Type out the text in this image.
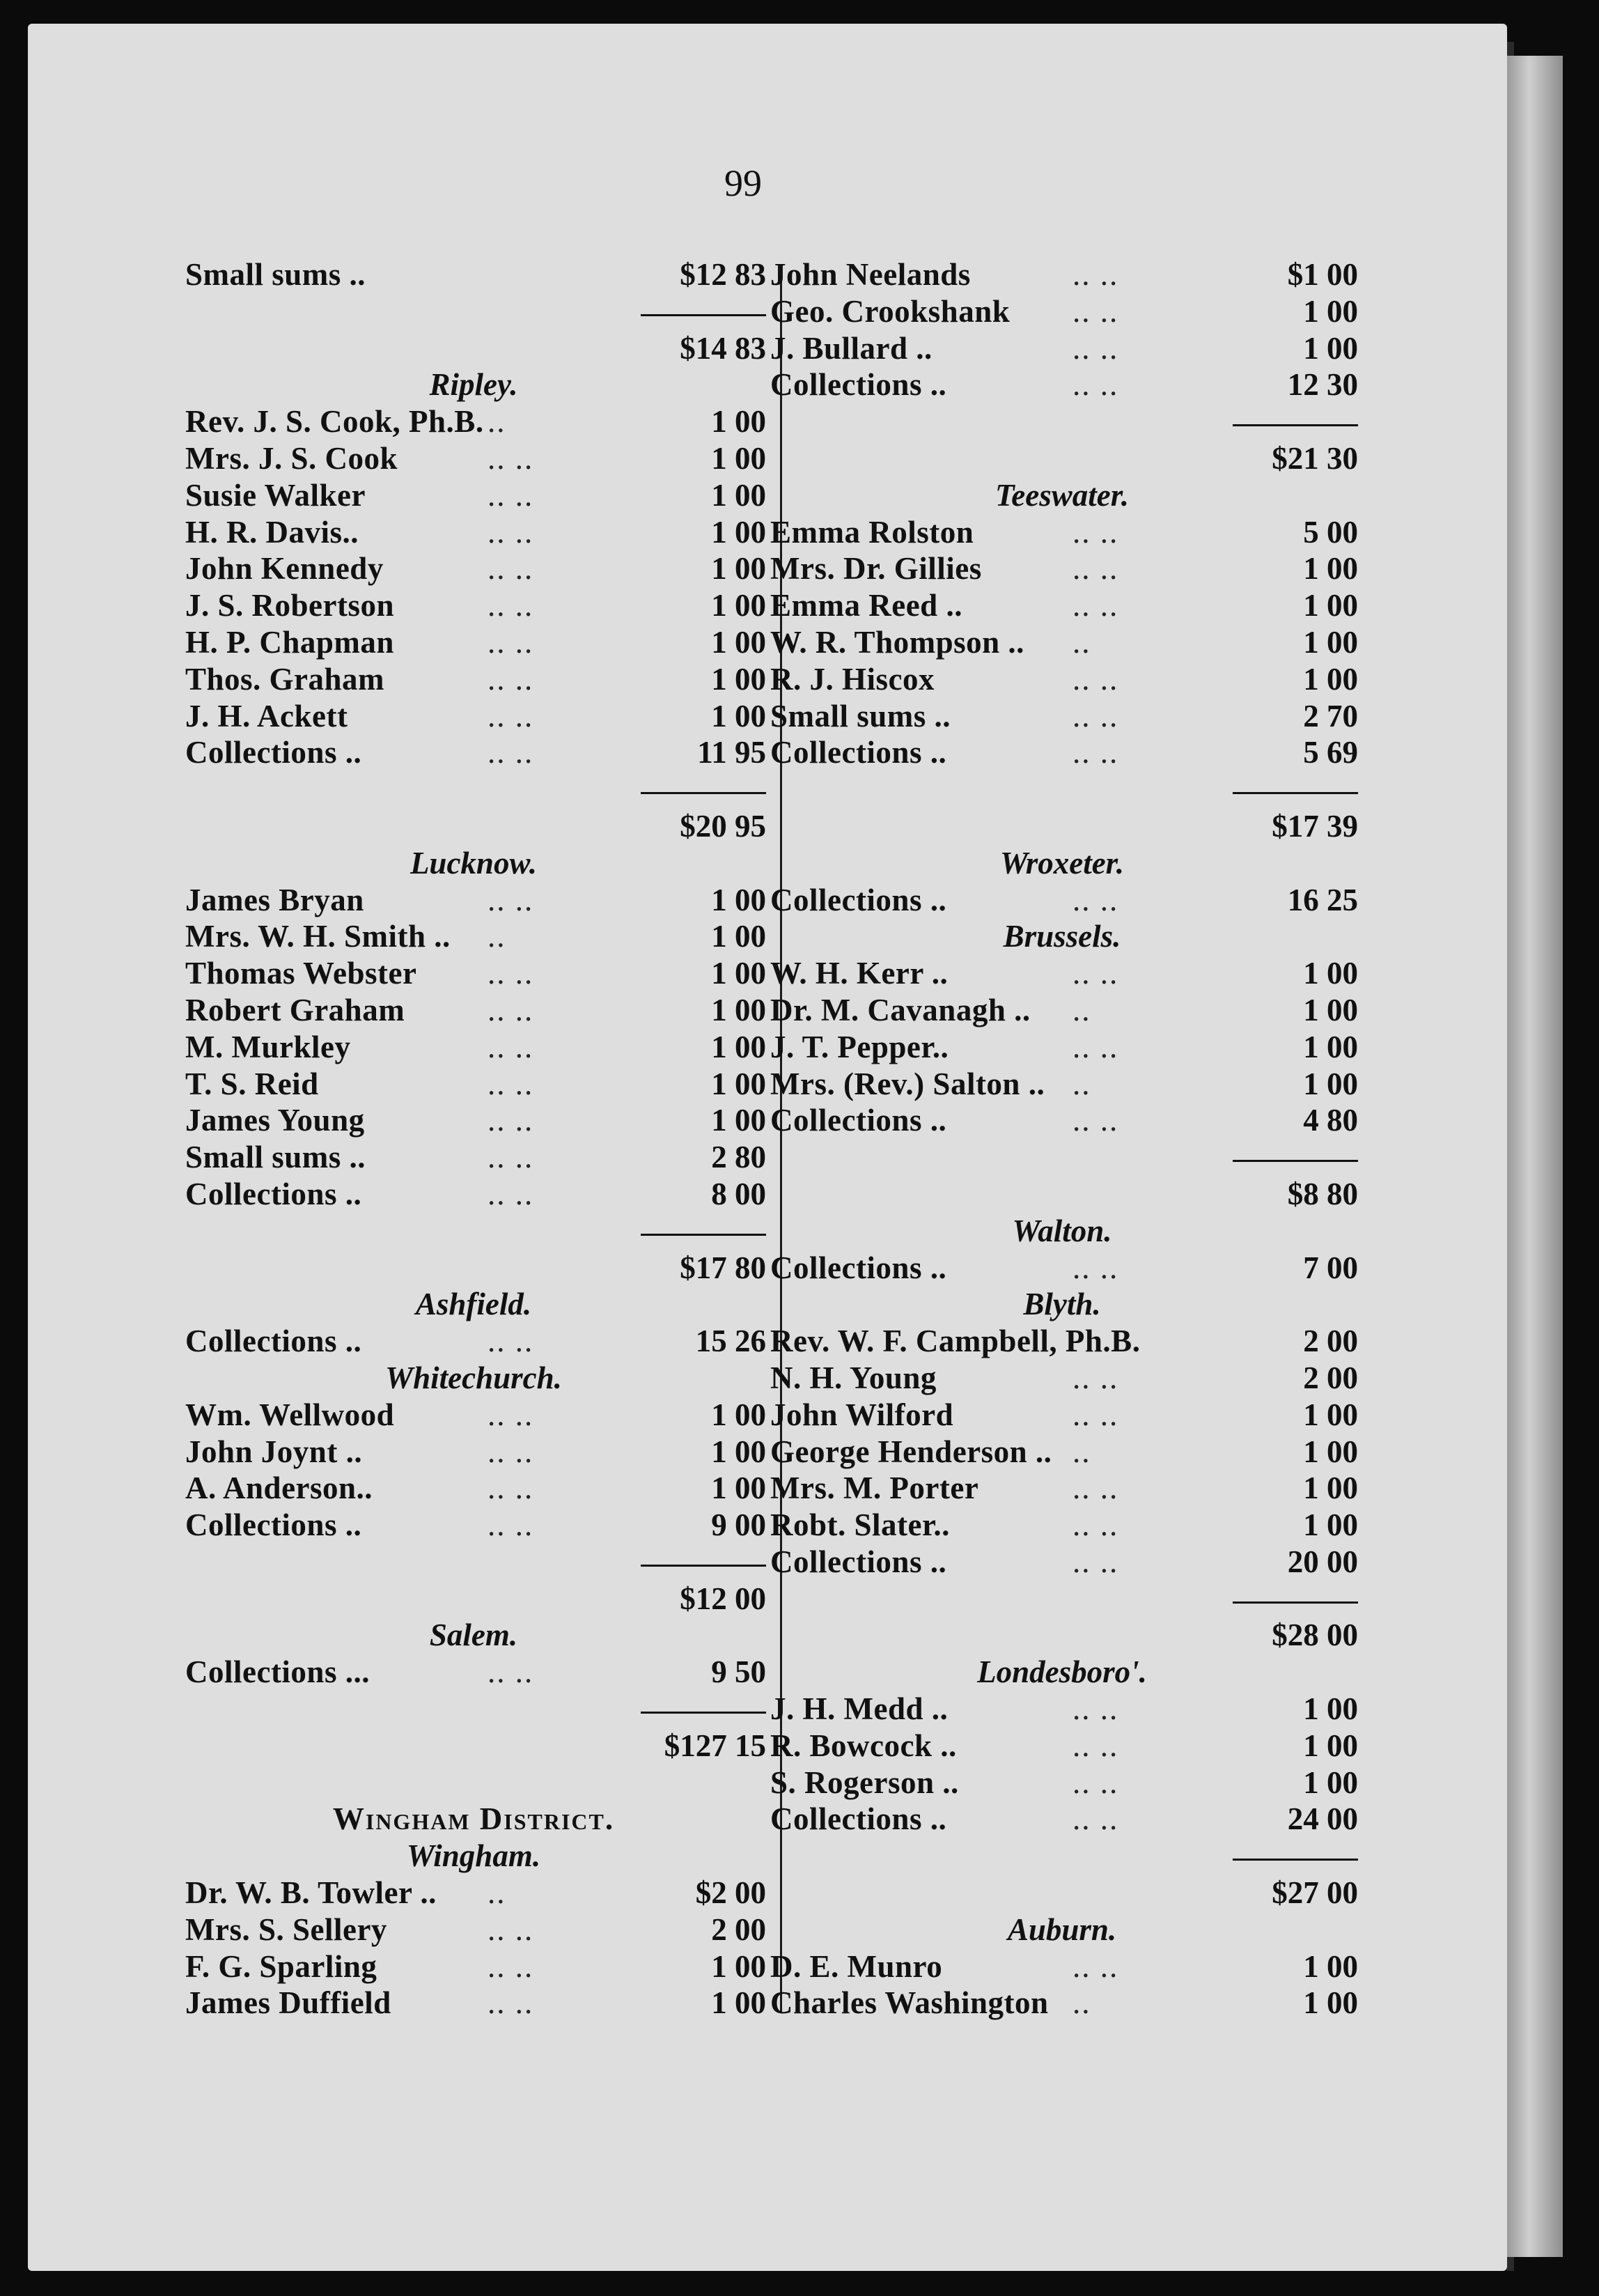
99
Small sums ..	$12 83
$14 83
Ripley.
Rev. J. S. Cook, Ph.B. ..	1 00
Mrs. J. S. Cook	.. ..	1 00
Susie Walker	.. ..	1 00
H. R. Davis..	.. ..	1 00
John Kennedy	.. ..	1 00
J. S. Robertson	.. ..	1 00
H. P. Chapman	.. ..	1 00
Thos. Graham	.. ..	1 00
J. H. Ackett	.. ..	1 00
Collections ..	.. ..	11 95
$20 95
Lucknow.
James Bryan	.. ..	1 00
Mrs. W. H. Smith .. ..	1 00
Thomas Webster .. ..	1 00
Robert Graham	.. ..	1 00
M. Murkley	.. ..	1 00
T. S. Reid	.. ..	1 00
James Young	.. ..	1 00
Small sums ..	.. ..	2 80
Collections ..	.. ..	8 00
$17 80
Ashfield.
Collections ..	.. ..	15 26
Whitechurch.
Wm. Wellwood	.. ..	1 00
John Joynt ..	.. ..	1 00
A. Anderson..	.. ..	1 00
Collections ..	.. ..	9 00
$12 00
Salem.
Collections ...	.. ..	9 50
$127 15
Wingham District.
Wingham.
Dr. W. B. Towler .. ..	$2 00
Mrs. S. Sellery	.. ..	2 00
F. G. Sparling	.. ..	1 00
James Duffield	.. ..	1 00
John Neelands	.. ..	$1 00
Geo. Crookshank .. ..	1 00
J. Bullard ..	.. ..	1 00
Collections ..	.. ..	12 30
$21 30
Teeswater.
Emma Rolston	.. ..	5 00
Mrs. Dr. Gillies	.. ..	1 00
Emma Reed ..	.. ..	1 00
W. R. Thompson .. ..	1 00
R. J. Hiscox	.. ..	1 00
Small sums ..	.. ..	2 70
Collections ..	.. ..	5 69
$17 39
Wroxeter.
Collections ..	.. ..	16 25
Brussels.
W. H. Kerr ..	.. ..	1 00
Dr. M. Cavanagh .. ..	1 00
J. T. Pepper..	.. ..	1 00
Mrs. (Rev.) Salton .. ..	1 00
Collections ..	.. ..	4 80
$8 80
Walton.
Collections ..	.. ..	7 00
Blyth.
Rev. W. F. Campbell, Ph.B.	2 00
N. H. Young	.. ..	2 00
John Wilford	.. ..	1 00
George Henderson .. ..	1 00
Mrs. M. Porter	.. ..	1 00
Robt. Slater..	.. ..	1 00
Collections ..	.. ..	20 00
$28 00
Londesboro'.
J. H. Medd ..	.. ..	1 00
R. Bowcock ..	.. ..	1 00
S. Rogerson ..	.. ..	1 00
Collections ..	.. ..	24 00
$27 00
Auburn.
D. E. Munro	.. ..	1 00
Charles Washington ..	1 00
